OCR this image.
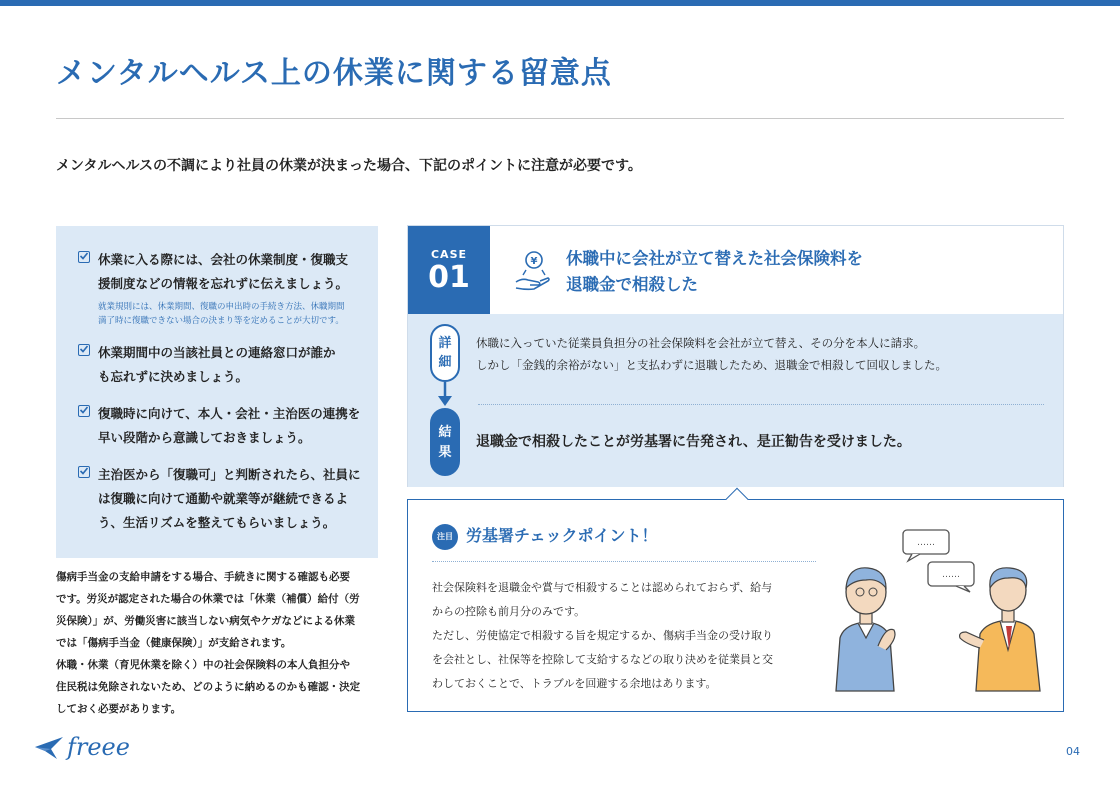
メンタルヘルス上の休業に関する留意点

メンタルヘルスの不調により社員の休業が決まった場合、下記のポイントに注意が必要です。

休業に入る際には、会社の休業制度・復職支
援制度などの情報を忘れずに伝えましょう。
就業規則には、休業期間、復職の申出時の手続き方法、休職期間
満了時に復職できない場合の決まり等を定めることが大切です。
休業期間中の当該社員との連絡窓口が誰か
も忘れずに決めましょう。
復職時に向けて、本人・会社・主治医の連携を
早い段階から意識しておきましょう。
主治医から「復職可」と判断されたら、社員に
は復職に向けて通勤や就業等が継続できるよ
う、生活リズムを整えてもらいましょう。

傷病手当金の支給申請をする場合、手続きに関する確認も必要

です。労災が認定された場合の休業では「休業（補償）給付（労

災保険）」が、労働災害に該当しない病気やケガなどによる休業

では「傷病手当金（健康保険）」が支給されます。

休職・休業（育児休業を除く）中の社会保険料の本人負担分や

住民税は免除されないため、どのように納めるのかも確認・決定

しておく必要があります。

CASE
01	¥ 休職中に会社が立て替えた社会保険料を
退職金で相殺した
詳
細
結
果
休職に入っていた従業員負担分の社会保険料を会社が立て替え、その分を本人に請求。
しかし「金銭的余裕がない」と支払わずに退職したため、退職金で相殺して回収しました。
退職金で相殺したことが労基署に告発され、是正勧告を受けました。
注目 労基署チェックポイント！

社会保険料を退職金や賞与で相殺することは認められておらず、給与

からの控除も前月分のみです。

ただし、労使協定で相殺する旨を規定するか、傷病手当金の受け取り

を会社とし、社保等を控除して支給するなどの取り決めを従業員と交

わしておくことで、トラブルを回避する余地はあります。

……
……
freee	04
